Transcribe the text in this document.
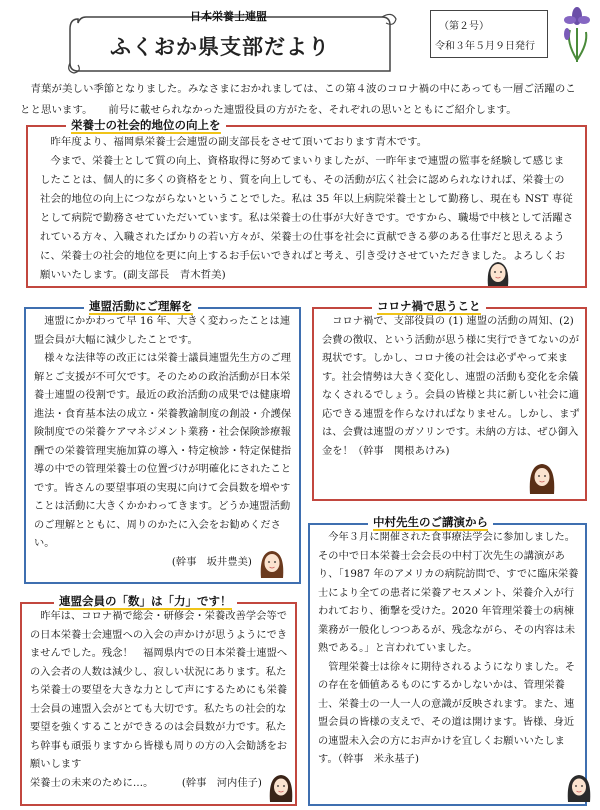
日本栄養士連盟
ふくおか県支部だより
（第２号）
令和３年５月９日発行
　青葉が美しい季節となりました。みなさまにおかれましては、この第４波のコロナ禍の中にあっても一層ご活躍のことと思います。　　前号に載せられなかった連盟役員の方がたを、それぞれの思いとともにご紹介します。

昨年度より、福岡県栄養士会連盟の副支部長をさせて頂いております青木です。

今まで、栄養士として質の向上、資格取得に努めてまいりましたが、一昨年まで連盟の監事を経験して感じましたことは、個人的に多くの資格をとり、質を向上しても、その活動が広く社会に認められなければ、栄養士の社会的地位の向上につながらないということでした。私は 35 年以上病院栄養士として勤務し、現在も NST 専従として病院で勤務させていただいています。私は栄養士の仕事が大好きです。ですから、職場で中核として活躍されている方々、入職されたばかりの若い方々が、栄養士の仕事を社会に貢献できる夢のある仕事だと思えるように、栄養士の社会的地位を更に向上するお手伝いできればと考え、引き受けさせていただきました。よろしくお願いいたします。(副支部長　青木哲美)

栄養士の社会的地位の向上を

連盟にかかわって早 16 年、大きく変わったことは連盟会員が大幅に減少したことです。

様々な法律等の改正には栄養士議員連盟先生方のご理解とご支援が不可欠です。そのための政治活動が日本栄養士連盟の役割です。最近の政治活動の成果では健康増進法・食育基本法の成立・栄養教諭制度の創設・介護保険制度での栄養ケアマネジメント業務・社会保険診療報酬での栄養管理実施加算の導入・特定検診・特定保健指導の中での管理栄養士の位置づけが明確化にされたことです。皆さんの要望事項の実現に向けて会員数を増やすことは活動に大きくかかわってきます。どうか連盟活動のご理解とともに、周りのかたに入会をお勧めください。

(幹事　坂井豊美)
連盟活動にご理解を

コロナ禍で、支部役員の (1) 連盟の活動の周知、(2) 会費の徴収、という活動が思う様に実行できてないのが現状です。しかし、コロナ後の社会は必ずやって来ます。社会情勢は大きく変化し、連盟の活動も変化を余儀なくされるでしょう。会員の皆様と共に新しい社会に適応できる連盟を作らなければなりません。しかし、まずは、会費は連盟のガソリンです。未納の方は、ぜひ御入金を！（幹事　関根あけみ)

コロナ禍で思うこと

今年３月に開催された食事療法学会に参加しました。その中で日本栄養士会会長の中村丁次先生の講演があり、「1987 年のアメリカの病院訪問で、すでに臨床栄養士により全ての患者に栄養アセスメント、栄養介入が行われており、衝撃を受けた。2020 年管理栄養士の病棟業務が一般化しつつあるが、残念ながら、その内容は未熟である。」と言われていました。

管理栄養士は徐々に期待されるようになりました。その存在を価値あるものにするかしないかは、管理栄養士、栄養士の一人一人の意識が反映されます。また、連盟会員の皆様の支えで、その道は開けます。皆様、身近の連盟未入会の方にお声かけを宜しくお願いいたします。（幹事　米永基子)

中村先生のご講演から

昨年は、コロナ禍で総会・研修会・栄養改善学会等での日本栄養士会連盟への入会の声かけが思うようにできませんでした。残念！　福岡県内での日本栄養士連盟への入会者の人数は減少し、寂しい状況にあります。私たち栄養士の要望を大きな力として声にするためにも栄養士会員の連盟入会がとても大切です。私たちの社会的な要望を強くすることができるのは会員数が力です。私たち幹事も頑張りますから皆様も周りの方の入会勧誘をお願いします

栄養士の未来のために…。	(幹事　河内佳子)
連盟会員の「数」は「力」です！
